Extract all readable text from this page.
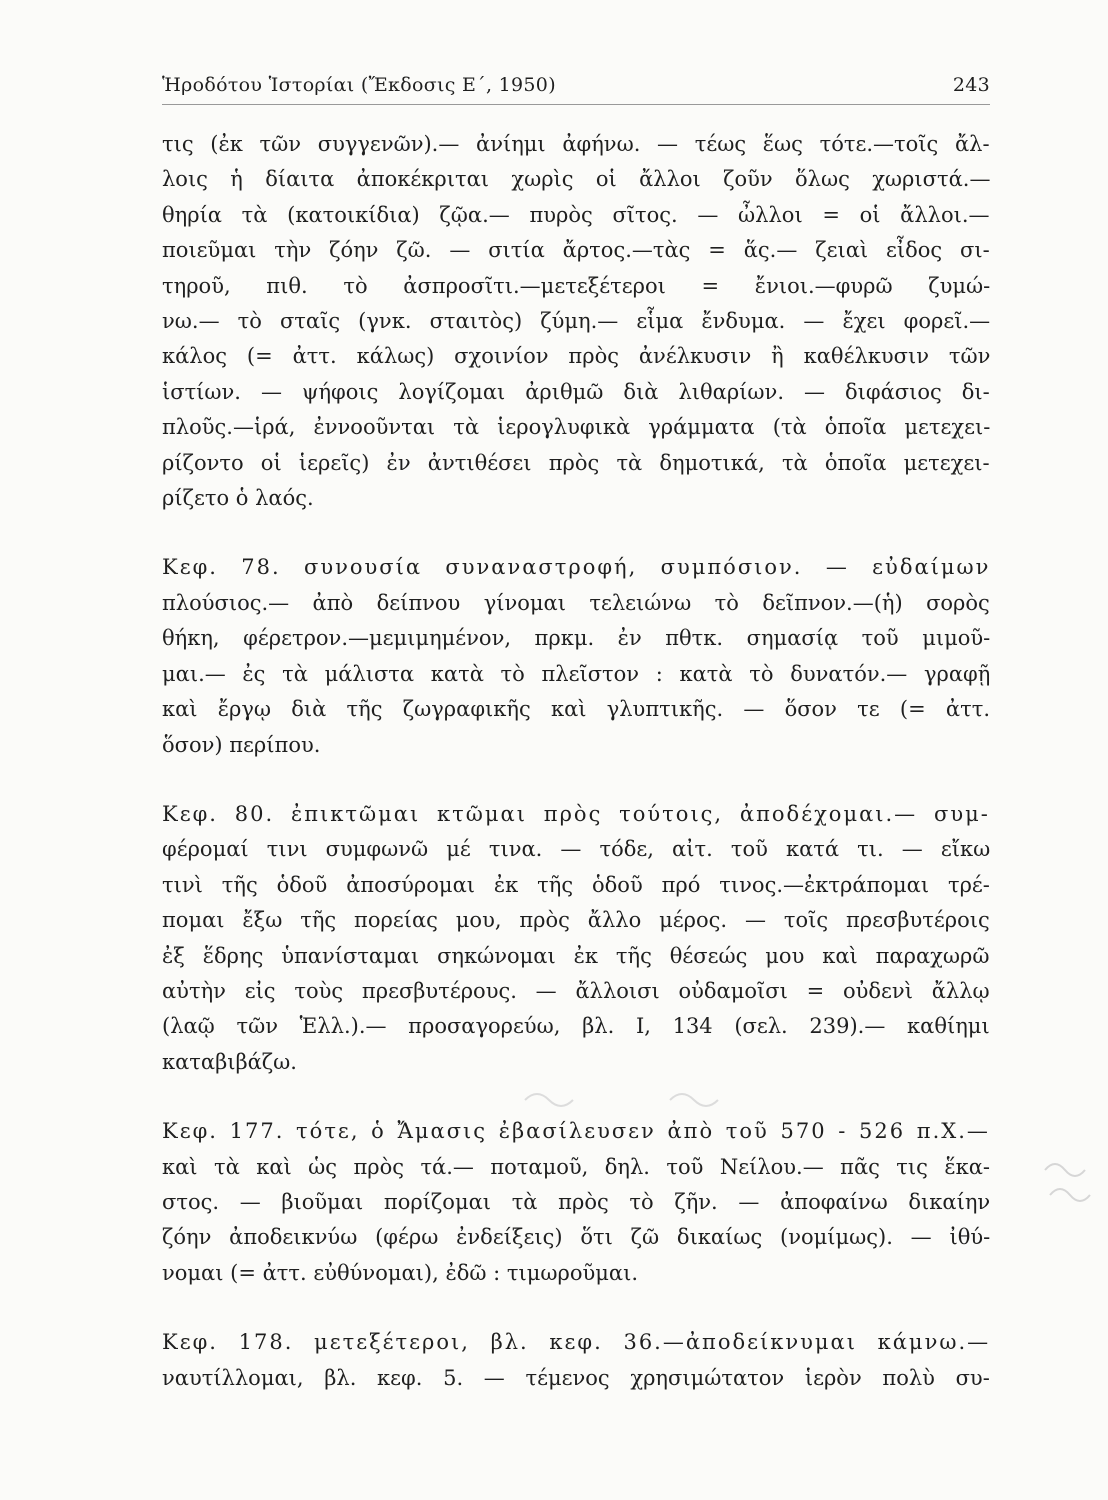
Ἡροδότου Ἱστορίαι (Ἔκδοσις Ε΄, 1950)	243
τις (ἐκ τῶν συγγενῶν).— ἀνίημι ἀφήνω. — τέως ἕως τότε.—τοῖς ἄλ-
λοις ἡ δίαιτα ἀποκέκριται χωρὶς οἱ ἄλλοι ζοῦν ὅλως χωριστά.—
θηρία τὰ (κατοικίδια) ζῷα.— πυρὸς σῖτος. — ὦλλοι = οἱ ἄλλοι.—
ποιεῦμαι τὴν ζόην ζῶ. — σιτία ἄρτος.—τὰς = ἅς.— ζειαὶ εἶδος σι-
τηροῦ, πιθ. τὸ ἀσπροσῖτι.—μετεξέτεροι = ἔνιοι.—φυρῶ ζυμώ-
νω.— τὸ σταῖς (γνκ. σταιτὸς) ζύμη.— εἷμα ἔνδυμα. — ἔχει φορεῖ.—
κάλος (= ἀττ. κάλως) σχοινίον πρὸς ἀνέλκυσιν ἢ καθέλκυσιν τῶν
ἱστίων. — ψήφοις λογίζομαι ἀριθμῶ διὰ λιθαρίων. — διφάσιος δι-
πλοῦς.—ἱρά, ἐννοοῦνται τὰ ἱερογλυφικὰ γράμματα (τὰ ὁποῖα μετεχει-
ρίζοντο οἱ ἱερεῖς) ἐν ἀντιθέσει πρὸς τὰ δημοτικά, τὰ ὁποῖα μετεχει-
ρίζετο ὁ λαός.
Κεφ. 78. συνουσία συναναστροφή, συμπόσιον. — εὐδαίμων
πλούσιος.— ἀπὸ δείπνου γίνομαι τελειώνω τὸ δεῖπνον.—(ἡ) σορὸς
θήκη, φέρετρον.—μεμιμημένον, πρκμ. ἐν πθτκ. σημασίᾳ τοῦ μιμοῦ-
μαι.— ἐς τὰ μάλιστα κατὰ τὸ πλεῖστον : κατὰ τὸ δυνατόν.— γραφῇ
καὶ ἔργῳ διὰ τῆς ζωγραφικῆς καὶ γλυπτικῆς. — ὅσον τε (= ἀττ.
ὅσον) περίπου.
Κεφ. 80. ἐπικτῶμαι κτῶμαι πρὸς τούτοις, ἀποδέχομαι.— συμ-
φέρομαί τινι συμφωνῶ μέ τινα. — τόδε, αἰτ. τοῦ κατά τι. — εἴκω
τινὶ τῆς ὁδοῦ ἀποσύρομαι ἐκ τῆς ὁδοῦ πρό τινος.—ἐκτράπομαι τρέ-
πομαι ἔξω τῆς πορείας μου, πρὸς ἄλλο μέρος. — τοῖς πρεσβυτέροις
ἐξ ἕδρης ὑπανίσταμαι σηκώνομαι ἐκ τῆς θέσεώς μου καὶ παραχωρῶ
αὐτὴν εἰς τοὺς πρεσβυτέρους. — ἄλλοισι οὐδαμοῖσι = οὐδενὶ ἄλλῳ
(λαῷ τῶν Ἑλλ.).— προσαγορεύω, βλ. I, 134 (σελ. 239).— καθίημι
καταβιβάζω.
Κεφ. 177. τότε, ὁ Ἄμασις ἐβασίλευσεν ἀπὸ τοῦ 570 - 526 π.Χ.—
καὶ τὰ καὶ ὡς πρὸς τά.— ποταμοῦ, δηλ. τοῦ Νείλου.— πᾶς τις ἕκα-
στος. — βιοῦμαι πορίζομαι τὰ πρὸς τὸ ζῆν. — ἀποφαίνω δικαίην
ζόην ἀποδεικνύω (φέρω ἐνδείξεις) ὅτι ζῶ δικαίως (νομίμως). — ἰθύ-
νομαι (= ἀττ. εὐθύνομαι), ἐδῶ : τιμωροῦμαι.
Κεφ. 178. μετεξέτεροι, βλ. κεφ. 36.—ἀποδείκνυμαι κάμνω.—
ναυτίλλομαι, βλ. κεφ. 5. — τέμενος χρησιμώτατον ἱερὸν πολὺ συ-
